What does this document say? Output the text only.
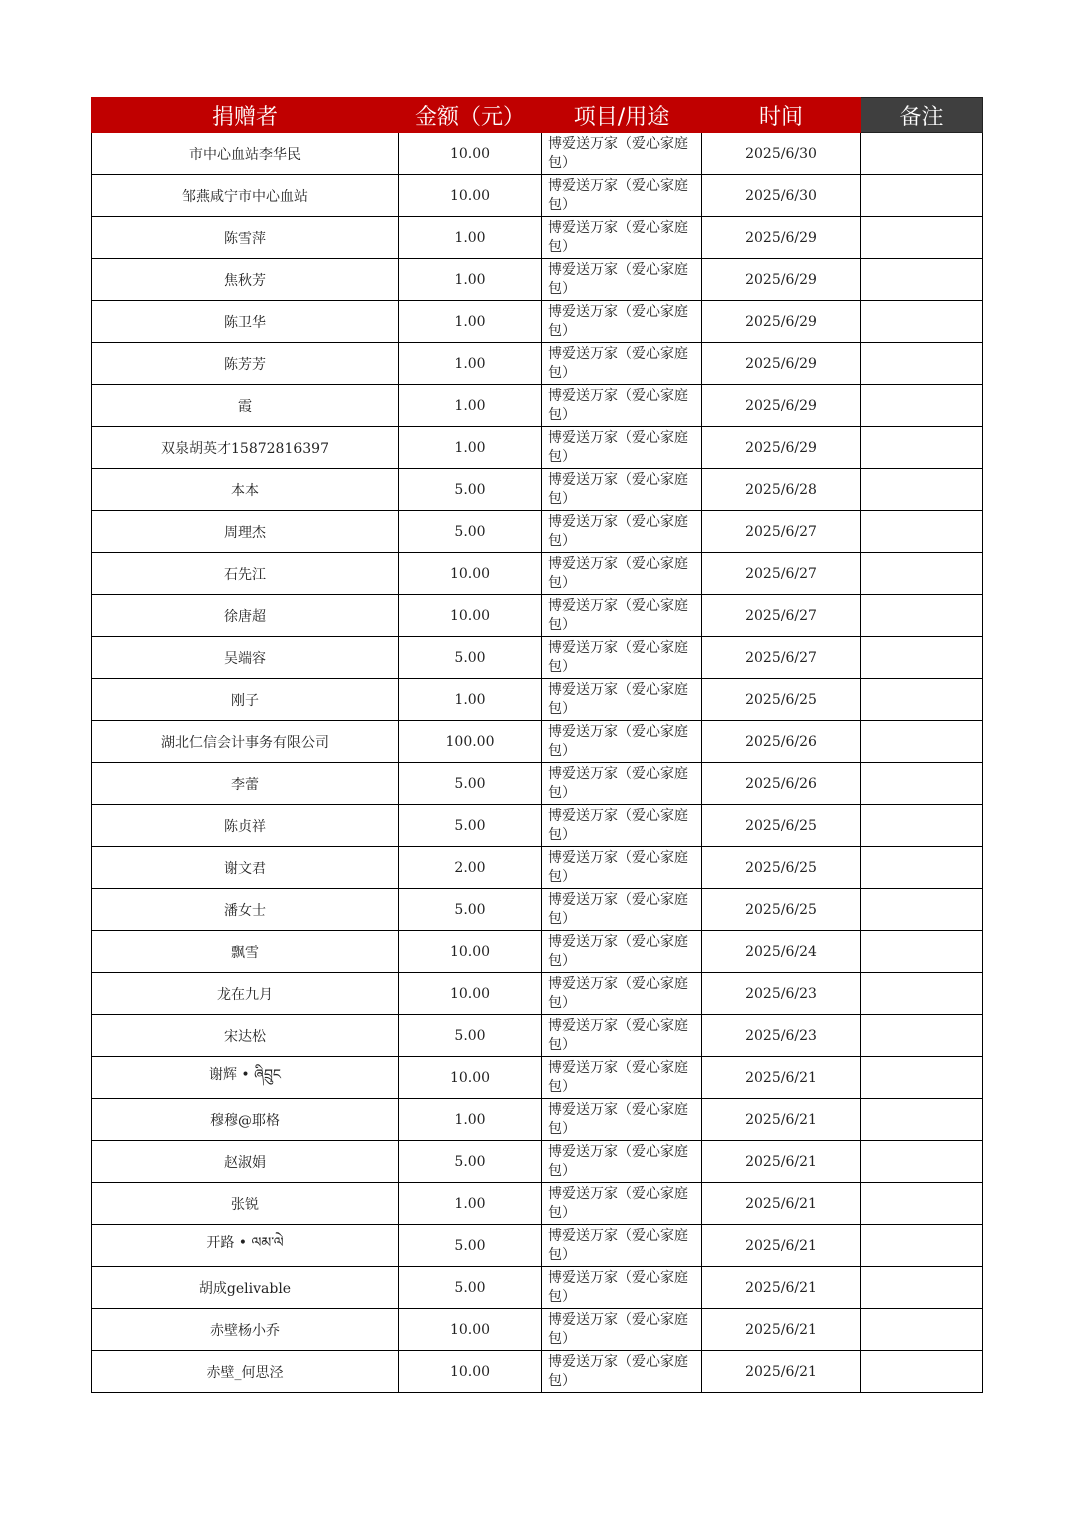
捐赠者	金额（元）	项目/用途	时间	备注
市中心血站李华民	10.00	博爱送万家（爱心家庭包）	2025/6/30	
邹燕咸宁市中心血站	10.00	博爱送万家（爱心家庭包）	2025/6/30	
陈雪萍	1.00	博爱送万家（爱心家庭包）	2025/6/29	
焦秋芳	1.00	博爱送万家（爱心家庭包）	2025/6/29	
陈卫华	1.00	博爱送万家（爱心家庭包）	2025/6/29	
陈芳芳	1.00	博爱送万家（爱心家庭包）	2025/6/29	
霞	1.00	博爱送万家（爱心家庭包）	2025/6/29	
双泉胡英才15872816397	1.00	博爱送万家（爱心家庭包）	2025/6/29	
本本	5.00	博爱送万家（爱心家庭包）	2025/6/28	
周理杰	5.00	博爱送万家（爱心家庭包）	2025/6/27	
石先江	10.00	博爱送万家（爱心家庭包）	2025/6/27	
徐唐超	10.00	博爱送万家（爱心家庭包）	2025/6/27	
吴端容	5.00	博爱送万家（爱心家庭包）	2025/6/27	
刚子	1.00	博爱送万家（爱心家庭包）	2025/6/25	
湖北仁信会计事务有限公司	100.00	博爱送万家（爱心家庭包）	2025/6/26	
李蕾	5.00	博爱送万家（爱心家庭包）	2025/6/26	
陈贞祥	5.00	博爱送万家（爱心家庭包）	2025/6/25	
谢文君	2.00	博爱送万家（爱心家庭包）	2025/6/25	
潘女士	5.00	博爱送万家（爱心家庭包）	2025/6/25	
飘雪	10.00	博爱送万家（爱心家庭包）	2025/6/24	
龙在九月	10.00	博爱送万家（爱心家庭包）	2025/6/23	
宋达松	5.00	博爱送万家（爱心家庭包）	2025/6/23	
谢辉 • ཞིབྲུང	10.00	博爱送万家（爱心家庭包）	2025/6/21	
穆穆@耶格	1.00	博爱送万家（爱心家庭包）	2025/6/21	
赵淑娟	5.00	博爱送万家（爱心家庭包）	2025/6/21	
张锐	1.00	博爱送万家（爱心家庭包）	2025/6/21	
开路 • ལམ་ལེ	5.00	博爱送万家（爱心家庭包）	2025/6/21	
胡成gelivable	5.00	博爱送万家（爱心家庭包）	2025/6/21	
赤壁杨小乔	10.00	博爱送万家（爱心家庭包）	2025/6/21	
赤壁_何思泾	10.00	博爱送万家（爱心家庭包）	2025/6/21	
